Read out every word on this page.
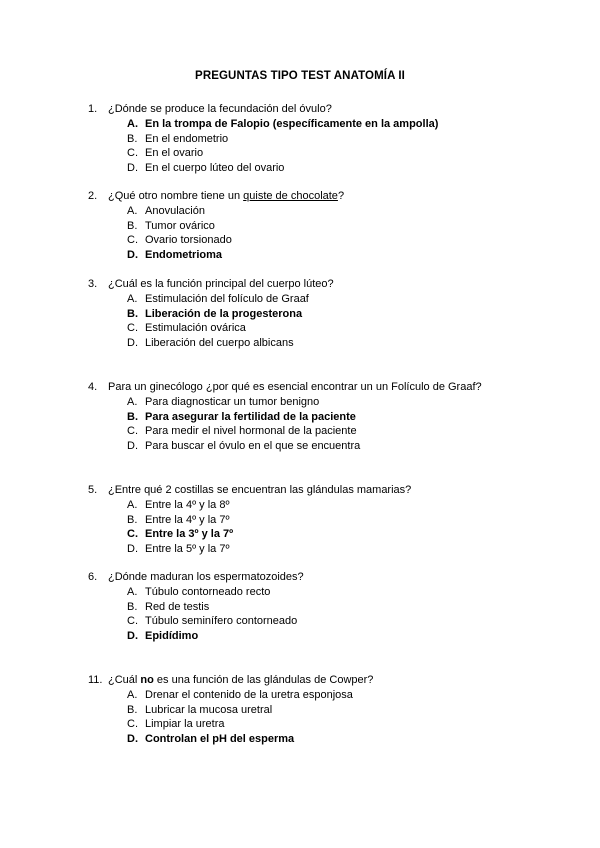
PREGUNTAS TIPO TEST ANATOMÍA II
1. ¿Dónde se produce la fecundación del óvulo?
A. En la trompa de Falopio (específicamente en la ampolla)
B. En el endometrio
C. En el ovario
D. En el cuerpo lúteo del ovario
2. ¿Qué otro nombre tiene un quiste de chocolate?
A. Anovulación
B. Tumor ovárico
C. Ovario torsionado
D. Endometrioma
3. ¿Cuál es la función principal del cuerpo lúteo?
A. Estimulación del folículo de Graaf
B. Liberación de la progesterona
C. Estimulación ovárica
D. Liberación del cuerpo albicans
4. Para un ginecólogo ¿por qué es esencial encontrar un un Folículo de Graaf?
A. Para diagnosticar un tumor benigno
B. Para asegurar la fertilidad de la paciente
C. Para medir el nivel hormonal de la paciente
D. Para buscar el óvulo en el que se encuentra
5. ¿Entre qué 2 costillas se encuentran las glándulas mamarias?
A. Entre la 4º y la 8º
B. Entre la 4º y la 7º
C. Entre la 3º y la 7º
D. Entre la 5º y la 7º
6. ¿Dónde maduran los espermatozoides?
A. Túbulo contorneado recto
B. Red de testis
C. Túbulo seminífero contorneado
D. Epidídimo
11. ¿Cuál no es una función de las glándulas de Cowper?
A. Drenar el contenido de la uretra esponjosa
B. Lubricar la mucosa uretral
C. Limpiar la uretra
D. Controlan el pH del esperma
